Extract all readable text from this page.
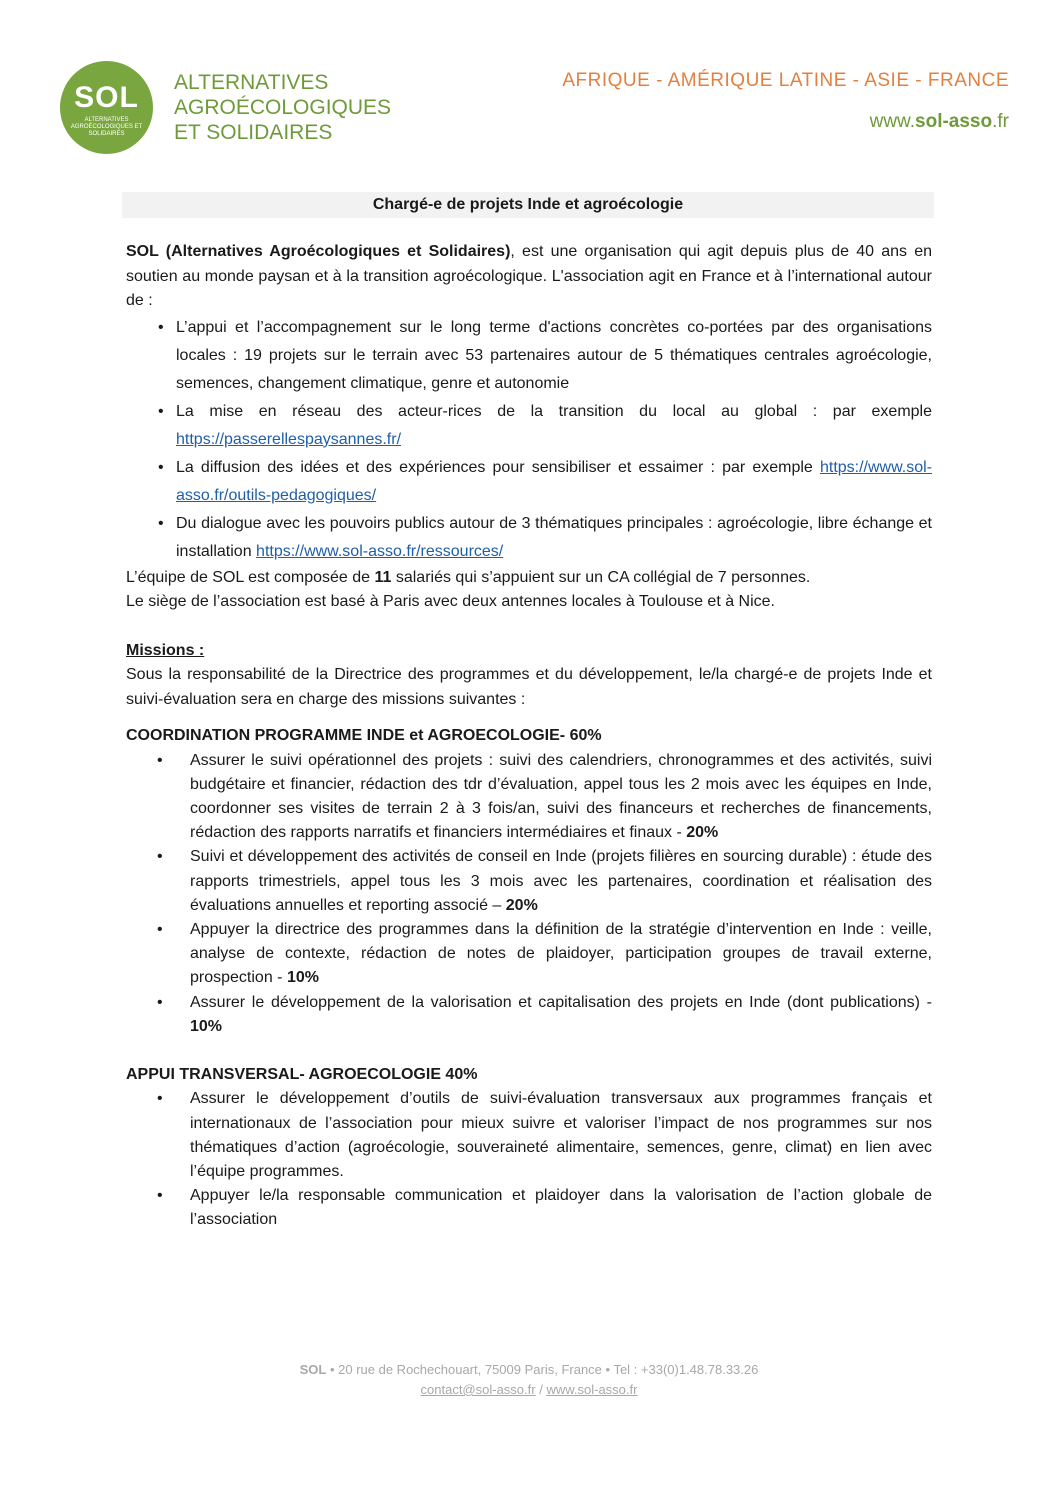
SOL
ALTERNATIVES AGROÉCOLOGIQUES ET SOLIDAIRES
ALTERNATIVES
AGROÉCOLOGIQUES
ET SOLIDAIRES
AFRIQUE - AMÉRIQUE LATINE - ASIE - FRANCE
www.sol-asso.fr
Chargé-e de projets Inde et agroécologie

SOL (Alternatives Agroécologiques et Solidaires), est une organisation qui agit depuis plus de 40 ans en soutien au monde paysan et à la transition agroécologique. L'association agit en France et à l’international autour de :

• L’appui et l’accompagnement sur le long terme d'actions concrètes co-portées par des organisations locales : 19 projets sur le terrain avec 53 partenaires autour de 5 thématiques centrales agroécologie, semences, changement climatique, genre et autonomie
• La mise en réseau des acteur-rices de la transition du local au global : par exemple https://passerellespaysannes.fr/
• La diffusion des idées et des expériences pour sensibiliser et essaimer : par exemple https://www.sol-asso.fr/outils-pedagogiques/
• Du dialogue avec les pouvoirs publics autour de 3 thématiques principales : agroécologie, libre échange et installation https://www.sol-asso.fr/ressources/

L’équipe de SOL est composée de 11 salariés qui s’appuient sur un CA collégial de 7 personnes.

Le siège de l’association est basé à Paris avec deux antennes locales à Toulouse et à Nice.

Missions :

Sous la responsabilité de la Directrice des programmes et du développement, le/la chargé-e de projets Inde et suivi-évaluation sera en charge des missions suivantes :

COORDINATION PROGRAMME INDE et AGROECOLOGIE- 60%

• Assurer le suivi opérationnel des projets : suivi des calendriers, chronogrammes et des activités, suivi budgétaire et financier, rédaction des tdr d’évaluation, appel tous les 2 mois avec les équipes en Inde, coordonner ses visites de terrain 2 à 3 fois/an, suivi des financeurs et recherches de financements, rédaction des rapports narratifs et financiers intermédiaires et finaux - 20%
• Suivi et développement des activités de conseil en Inde (projets filières en sourcing durable) : étude des rapports trimestriels, appel tous les 3 mois avec les partenaires, coordination et réalisation des évaluations annuelles et reporting associé – 20%
• Appuyer la directrice des programmes dans la définition de la stratégie d’intervention en Inde : veille, analyse de contexte, rédaction de notes de plaidoyer, participation groupes de travail externe, prospection - 10%
• Assurer le développement de la valorisation et capitalisation des projets en Inde (dont publications) - 10%

APPUI TRANSVERSAL- AGROECOLOGIE 40%

• Assurer le développement d’outils de suivi-évaluation transversaux aux programmes français et internationaux de l’association pour mieux suivre et valoriser l’impact de nos programmes sur nos thématiques d’action (agroécologie, souveraineté alimentaire, semences, genre, climat) en lien avec l’équipe programmes.
• Appuyer le/la responsable communication et plaidoyer dans la valorisation de l’action globale de l’association
SOL • 20 rue de Rochechouart, 75009 Paris, France • Tel : +33(0)1.48.78.33.26
contact@sol-asso.fr / www.sol-asso.fr
